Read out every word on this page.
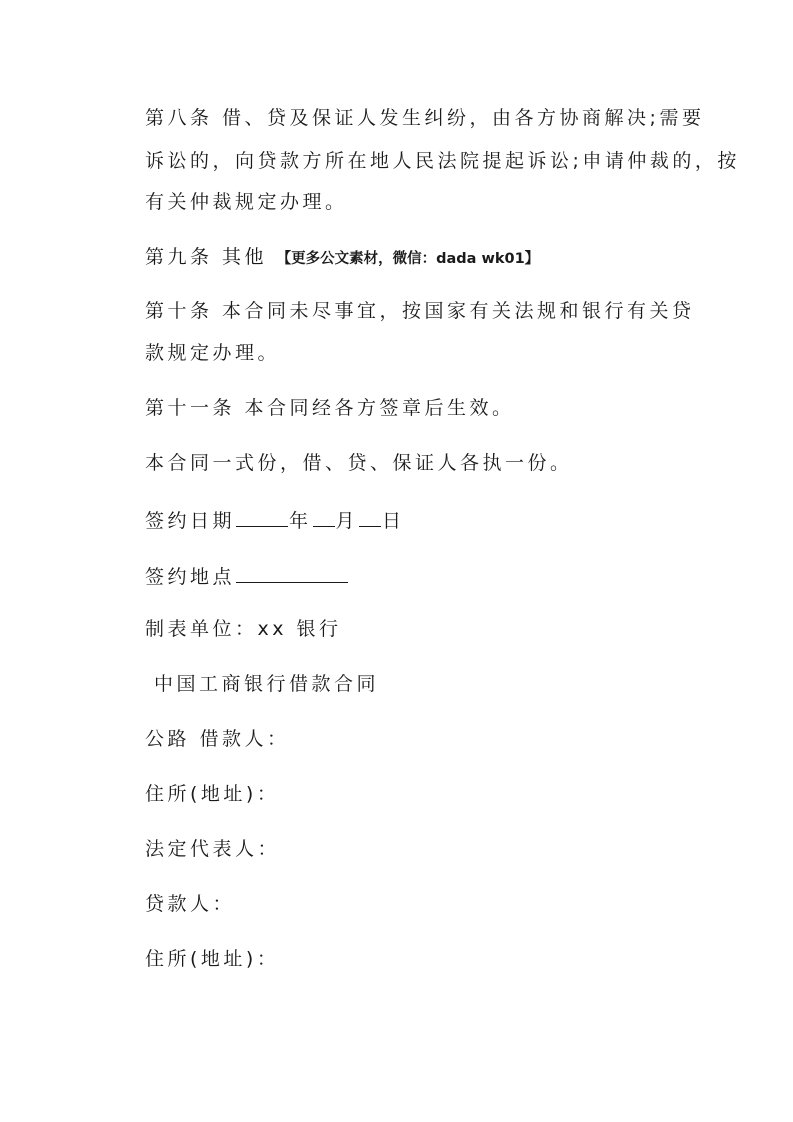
第八条 借、贷及保证人发生纠纷，由各方协商解决;需要

诉讼的，向贷款方所在地人民法院提起诉讼;申请仲裁的，按

有关仲裁规定办理。

第九条 其他 【更多公文素材，微信：dada wk01】

第十条 本合同未尽事宜，按国家有关法规和银行有关贷

款规定办理。

第十一条 本合同经各方签章后生效。

本合同一式份，借、贷、保证人各执一份。

签约日期	年 月 日

签约地点

制表单位：xx 银行

中国工商银行借款合同

公路 借款人：

住所(地址)：

法定代表人：

贷款人：

住所(地址)：
